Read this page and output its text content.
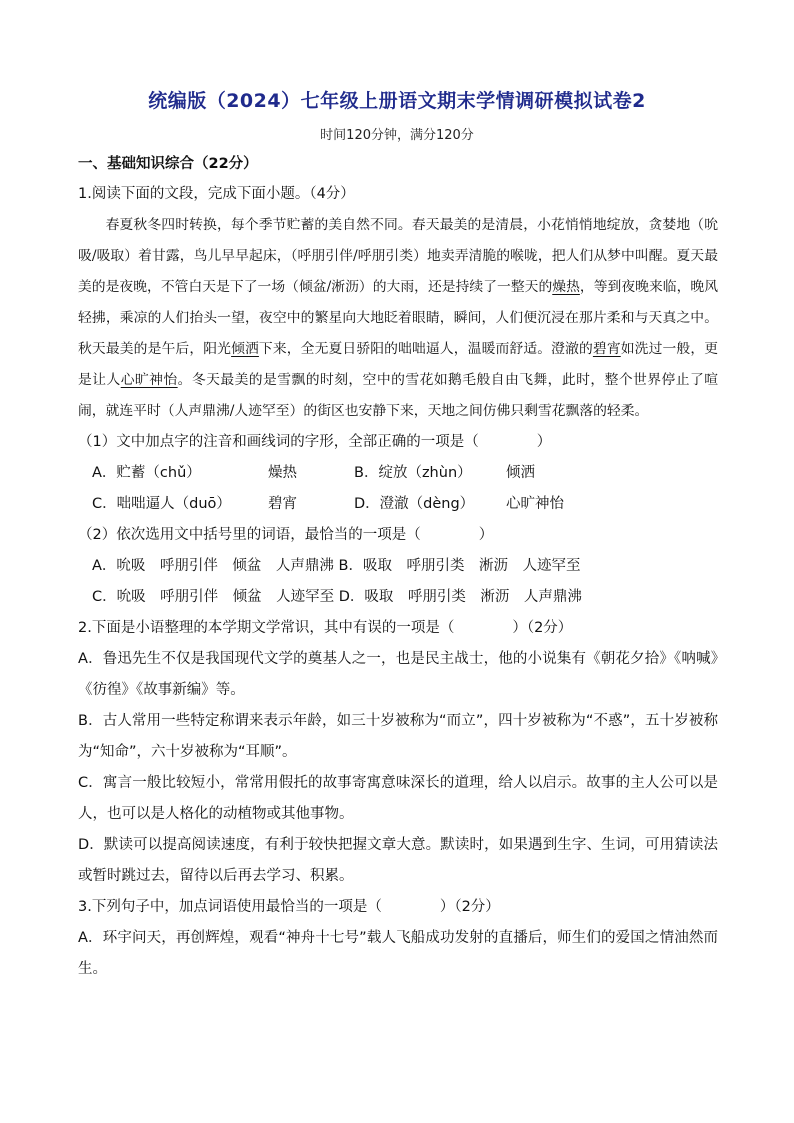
统编版（2024）七年级上册语文期末学情调研模拟试卷2
时间120分钟，满分120分
一、基础知识综合（22分）
1.阅读下面的文段，完成下面小题。（4分）

春夏秋冬四时转换，每个季节贮蓄的美自然不同。春天最美的是清晨，小花悄悄地绽放，贪婪地（吮吸/吸取）着甘露，鸟儿早早起床，（呼朋引伴/呼朋引类）地卖弄清脆的喉咙，把人们从梦中叫醒。夏天最美的是夜晚，不管白天是下了一场（倾盆/淅沥）的大雨，还是持续了一整天的燥热，等到夜晚来临，晚风轻拂，乘凉的人们抬头一望，夜空中的繁星向大地眨着眼睛，瞬间，人们便沉浸在那片柔和与天真之中。秋天最美的是午后，阳光倾洒下来，全无夏日骄阳的咄咄逼人，温暖而舒适。澄澈的碧宵如洗过一般，更是让人心旷神怡。冬天最美的是雪飘的时刻，空中的雪花如鹅毛般自由飞舞，此时，整个世界停止了喧闹，就连平时（人声鼎沸/人迹罕至）的街区也安静下来，天地之间仿佛只剩雪花飘落的轻柔。

（1）文中加点字的注音和画线词的字形，全部正确的一项是（　　　　）
A．贮蓄（chǔ）	燥热	B．绽放（zhùn）	倾洒
C．咄咄逼人（duō）	碧宵	D．澄澈（dèng）	心旷神怡
（2）依次选用文中括号里的词语，最恰当的一项是（　　　　）
A．吮吸　呼朋引伴　倾盆　人声鼎沸 B．吸取　呼朋引类　淅沥　人迹罕至
C．吮吸　呼朋引伴　倾盆　人迹罕至 D．吸取　呼朋引类　淅沥　人声鼎沸
2.下面是小语整理的本学期文学常识，其中有误的一项是（　　　　）（2分）

A．鲁迅先生不仅是我国现代文学的奠基人之一，也是民主战士，他的小说集有《朝花夕拾》《呐喊》《彷徨》《故事新编》等。

B．古人常用一些特定称谓来表示年龄，如三十岁被称为“而立”，四十岁被称为“不惑”，五十岁被称为“知命”，六十岁被称为“耳顺”。

C．寓言一般比较短小，常常用假托的故事寄寓意味深长的道理，给人以启示。故事的主人公可以是人，也可以是人格化的动植物或其他事物。

D．默读可以提高阅读速度，有利于较快把握文章大意。默读时，如果遇到生字、生词，可用猜读法或暂时跳过去，留待以后再去学习、积累。

3.下列句子中，加点词语使用最恰当的一项是（　　　　）（2分）

A．环宇问天，再创辉煌，观看“神舟十七号”载人飞船成功发射的直播后，师生们的爱国之情油然而生。
